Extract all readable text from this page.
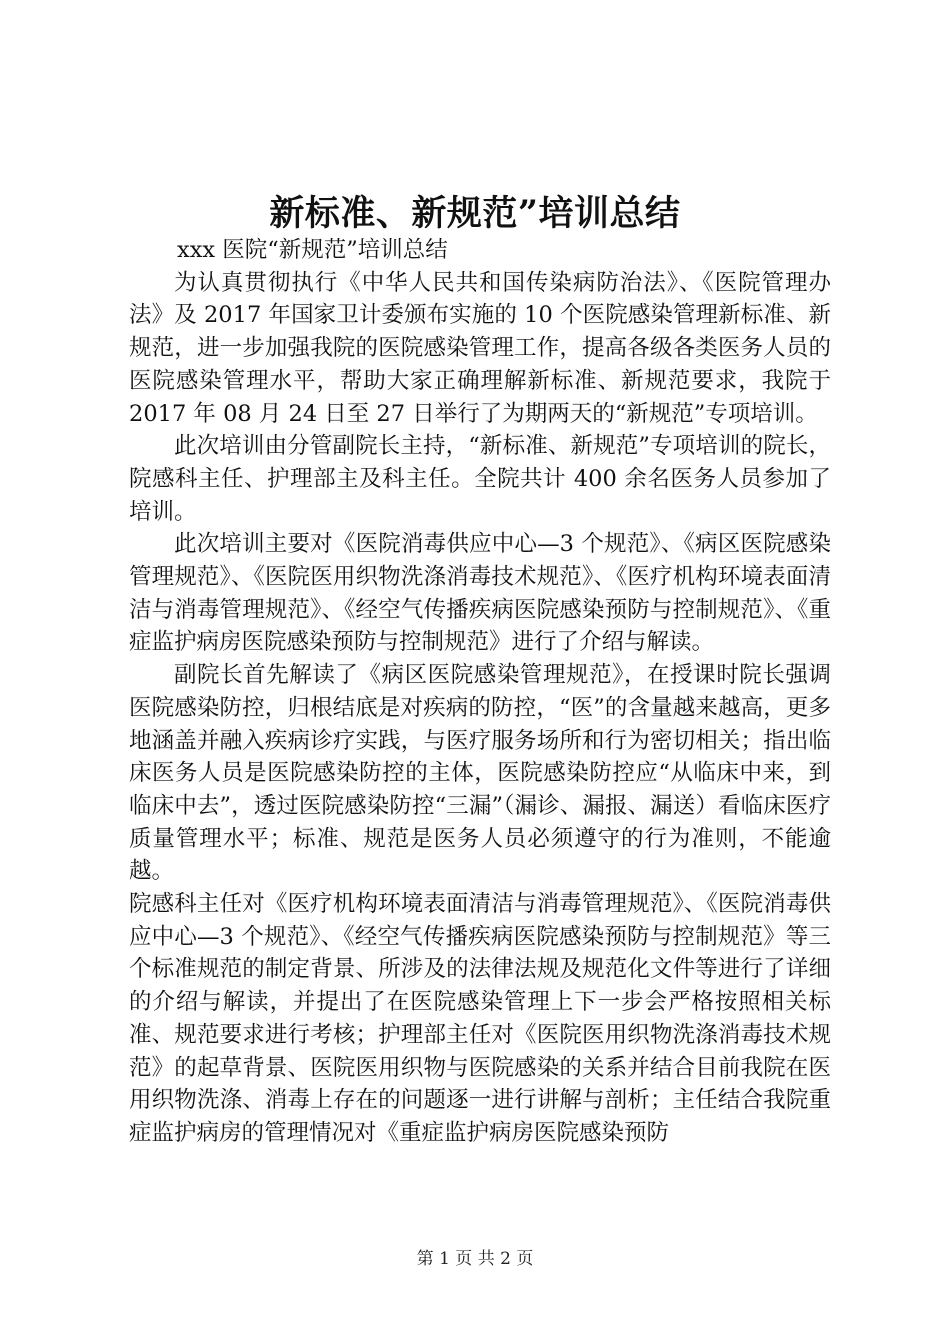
新标准、新规范”培训总结

xxx 医院“新规范”培训总结

为认真贯彻执行《中华人民共和国传染病防治法》、《医院管理办法》及 2017 年国家卫计委颁布实施的 10 个医院感染管理新标准、新规范，进一步加强我院的医院感染管理工作，提高各级各类医务人员的医院感染管理水平，帮助大家正确理解新标准、新规范要求，我院于 2017 年 08 月 24 日至 27 日举行了为期两天的“新规范”专项培训。

此次培训由分管副院长主持，“新标准、新规范”专项培训的院长，院感科主任、护理部主及科主任。全院共计 400 余名医务人员参加了培训。

此次培训主要对《医院消毒供应中心—3 个规范》、《病区医院感染管理规范》、《医院医用织物洗涤消毒技术规范》、《医疗机构环境表面清洁与消毒管理规范》、《经空气传播疾病医院感染预防与控制规范》、《重症监护病房医院感染预防与控制规范》进行了介绍与解读。

副院长首先解读了《病区医院感染管理规范》，在授课时院长强调医院感染防控，归根结底是对疾病的防控，“医”的含量越来越高，更多地涵盖并融入疾病诊疗实践，与医疗服务场所和行为密切相关；指出临床医务人员是医院感染防控的主体，医院感染防控应“从临床中来，到临床中去”，透过医院感染防控“三漏”（漏诊、漏报、漏送）看临床医疗质量管理水平；标准、规范是医务人员必须遵守的行为准则，不能逾越。

院感科主任对《医疗机构环境表面清洁与消毒管理规范》、《医院消毒供应中心—3 个规范》、《经空气传播疾病医院感染预防与控制规范》等三个标准规范的制定背景、所涉及的法律法规及规范化文件等进行了详细的介绍与解读，并提出了在医院感染管理上下一步会严格按照相关标准、规范要求进行考核；护理部主任对《医院医用织物洗涤消毒技术规范》的起草背景、医院医用织物与医院感染的关系并结合目前我院在医用织物洗涤、消毒上存在的问题逐一进行讲解与剖析；主任结合我院重症监护病房的管理情况对《重症监护病房医院感染预防

第 1 页 共 2 页
